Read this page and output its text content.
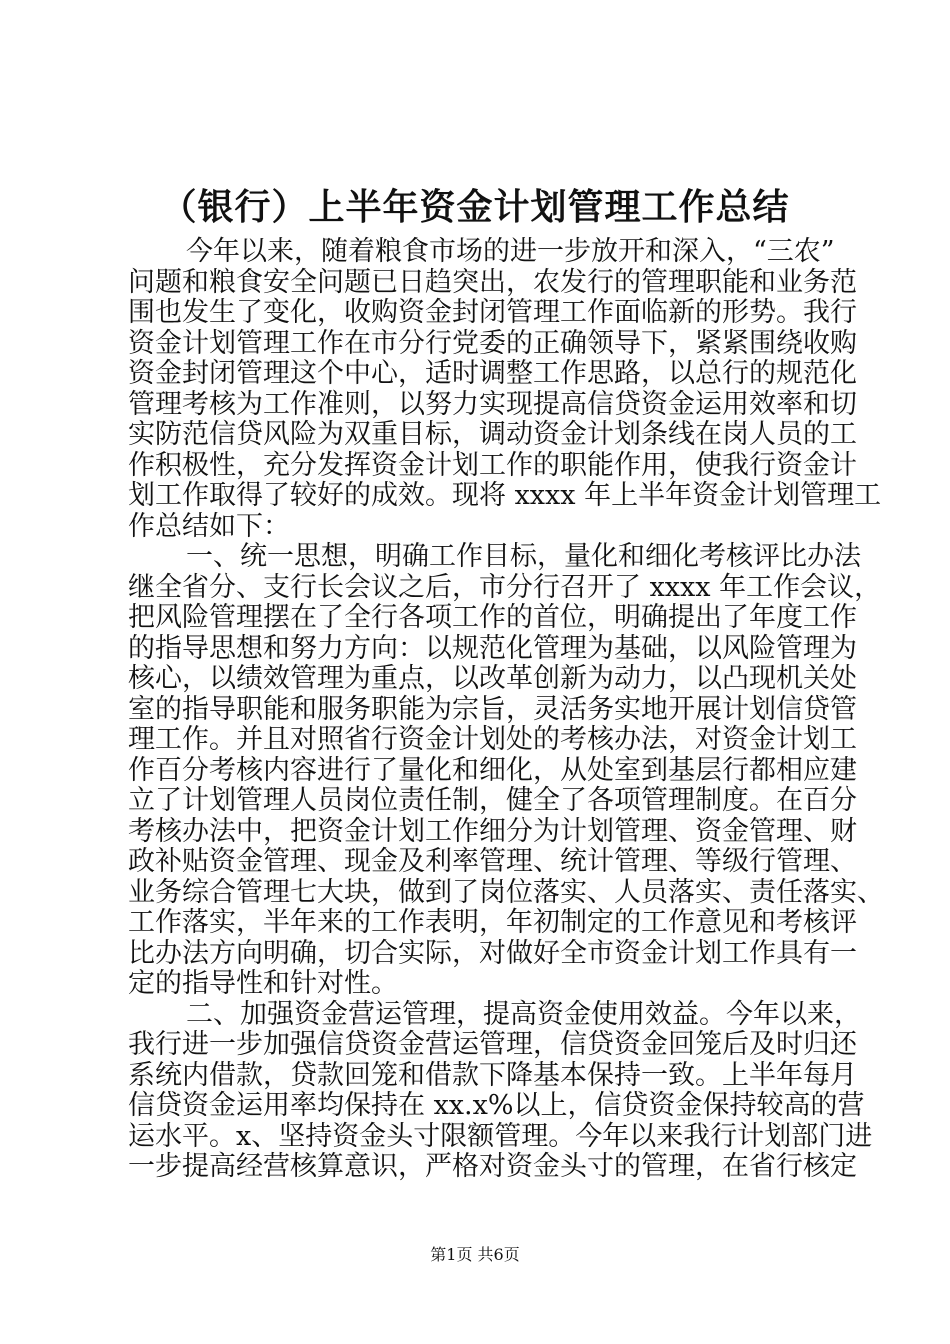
（银行）上半年资金计划管理工作总结
今年以来，随着粮食市场的进一步放开和深入，“三农”
问题和粮食安全问题已日趋突出，农发行的管理职能和业务范
围也发生了变化，收购资金封闭管理工作面临新的形势。我行
资金计划管理工作在市分行党委的正确领导下，紧紧围绕收购
资金封闭管理这个中心，适时调整工作思路，以总行的规范化
管理考核为工作准则，以努力实现提高信贷资金运用效率和切
实防范信贷风险为双重目标，调动资金计划条线在岗人员的工
作积极性，充分发挥资金计划工作的职能作用，使我行资金计
划工作取得了较好的成效。现将 xxxx 年上半年资金计划管理工
作总结如下：
一、统一思想，明确工作目标，量化和细化考核评比办法
继全省分、支行长会议之后，市分行召开了 xxxx 年工作会议，
把风险管理摆在了全行各项工作的首位，明确提出了年度工作
的指导思想和努力方向：以规范化管理为基础，以风险管理为
核心，以绩效管理为重点，以改革创新为动力，以凸现机关处
室的指导职能和服务职能为宗旨，灵活务实地开展计划信贷管
理工作。并且对照省行资金计划处的考核办法，对资金计划工
作百分考核内容进行了量化和细化，从处室到基层行都相应建
立了计划管理人员岗位责任制，健全了各项管理制度。在百分
考核办法中，把资金计划工作细分为计划管理、资金管理、财
政补贴资金管理、现金及利率管理、统计管理、等级行管理、
业务综合管理七大块，做到了岗位落实、人员落实、责任落实、
工作落实，半年来的工作表明，年初制定的工作意见和考核评
比办法方向明确，切合实际，对做好全市资金计划工作具有一
定的指导性和针对性。
二、加强资金营运管理，提高资金使用效益。今年以来，
我行进一步加强信贷资金营运管理，信贷资金回笼后及时归还
系统内借款，贷款回笼和借款下降基本保持一致。上半年每月
信贷资金运用率均保持在 xx.x%以上，信贷资金保持较高的营
运水平。x、坚持资金头寸限额管理。今年以来我行计划部门进
一步提高经营核算意识，严格对资金头寸的管理，在省行核定
第1页 共6页
